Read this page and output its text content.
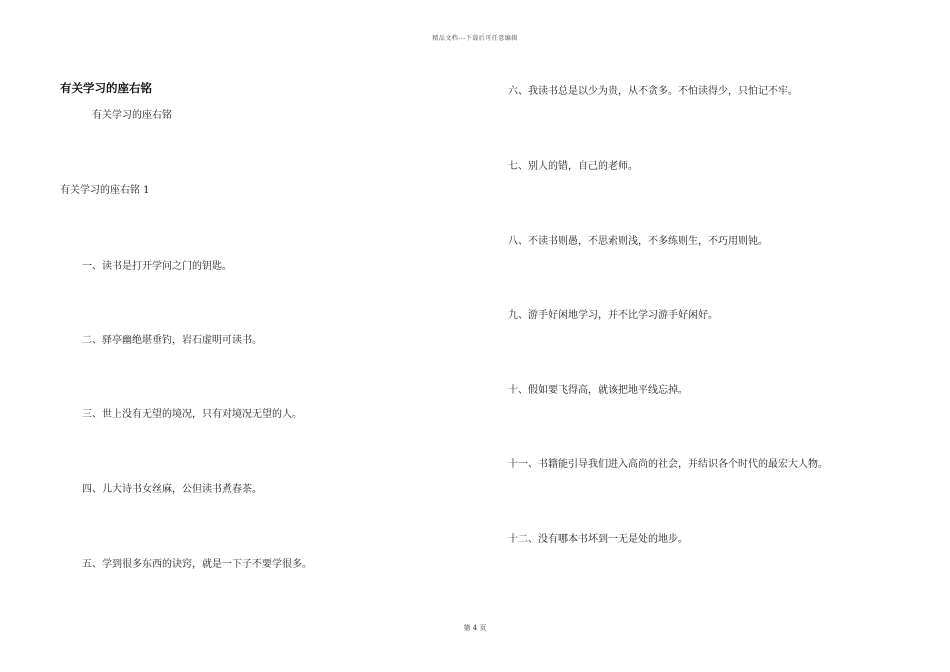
精品文档---下载后可任意编辑
有关学习的座右铭
有关学习的座右铭
有关学习的座右铭 1
一、读书是打开学问之门的钥匙。
二、驿亭幽绝堪垂钓，岩石虚明可读书。
三、世上没有无望的境况，只有对境况无望的人。
四、儿大诗书女丝麻，公但读书煮春茶。
五、学到很多东西的诀窍，就是一下子不要学很多。
六、我读书总是以少为贵，从不贪多。不怕读得少，只怕记不牢。
七、别人的错，自己的老师。
八、不读书则愚，不思索则浅，不多练则生，不巧用则钝。
九、游手好闲地学习，并不比学习游手好闲好。
十、假如要飞得高，就该把地平线忘掉。
十一、书籍能引导我们进入高尚的社会，并结识各个时代的最宏大人物。
十二、没有哪本书坏到一无是处的地步。
第 4 页
